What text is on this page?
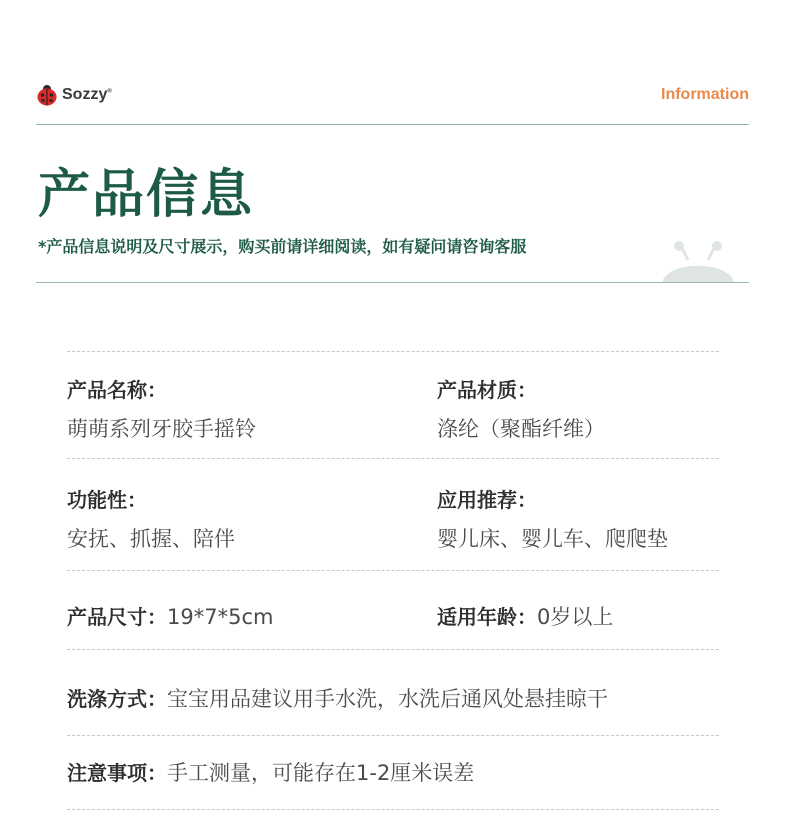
Sozzy®	Information
产品信息
*产品信息说明及尺寸展示，购买前请详细阅读，如有疑问请咨询客服
产品名称：
萌萌系列牙胶手摇铃
产品材质：
涤纶（聚酯纤维）
功能性：
安抚、抓握、陪伴
应用推荐：
婴儿床、婴儿车、爬爬垫
产品尺寸：19*7*5cm	适用年龄：0岁以上
洗涤方式：宝宝用品建议用手水洗，水洗后通风处悬挂晾干
注意事项：手工测量，可能存在1-2厘米误差
